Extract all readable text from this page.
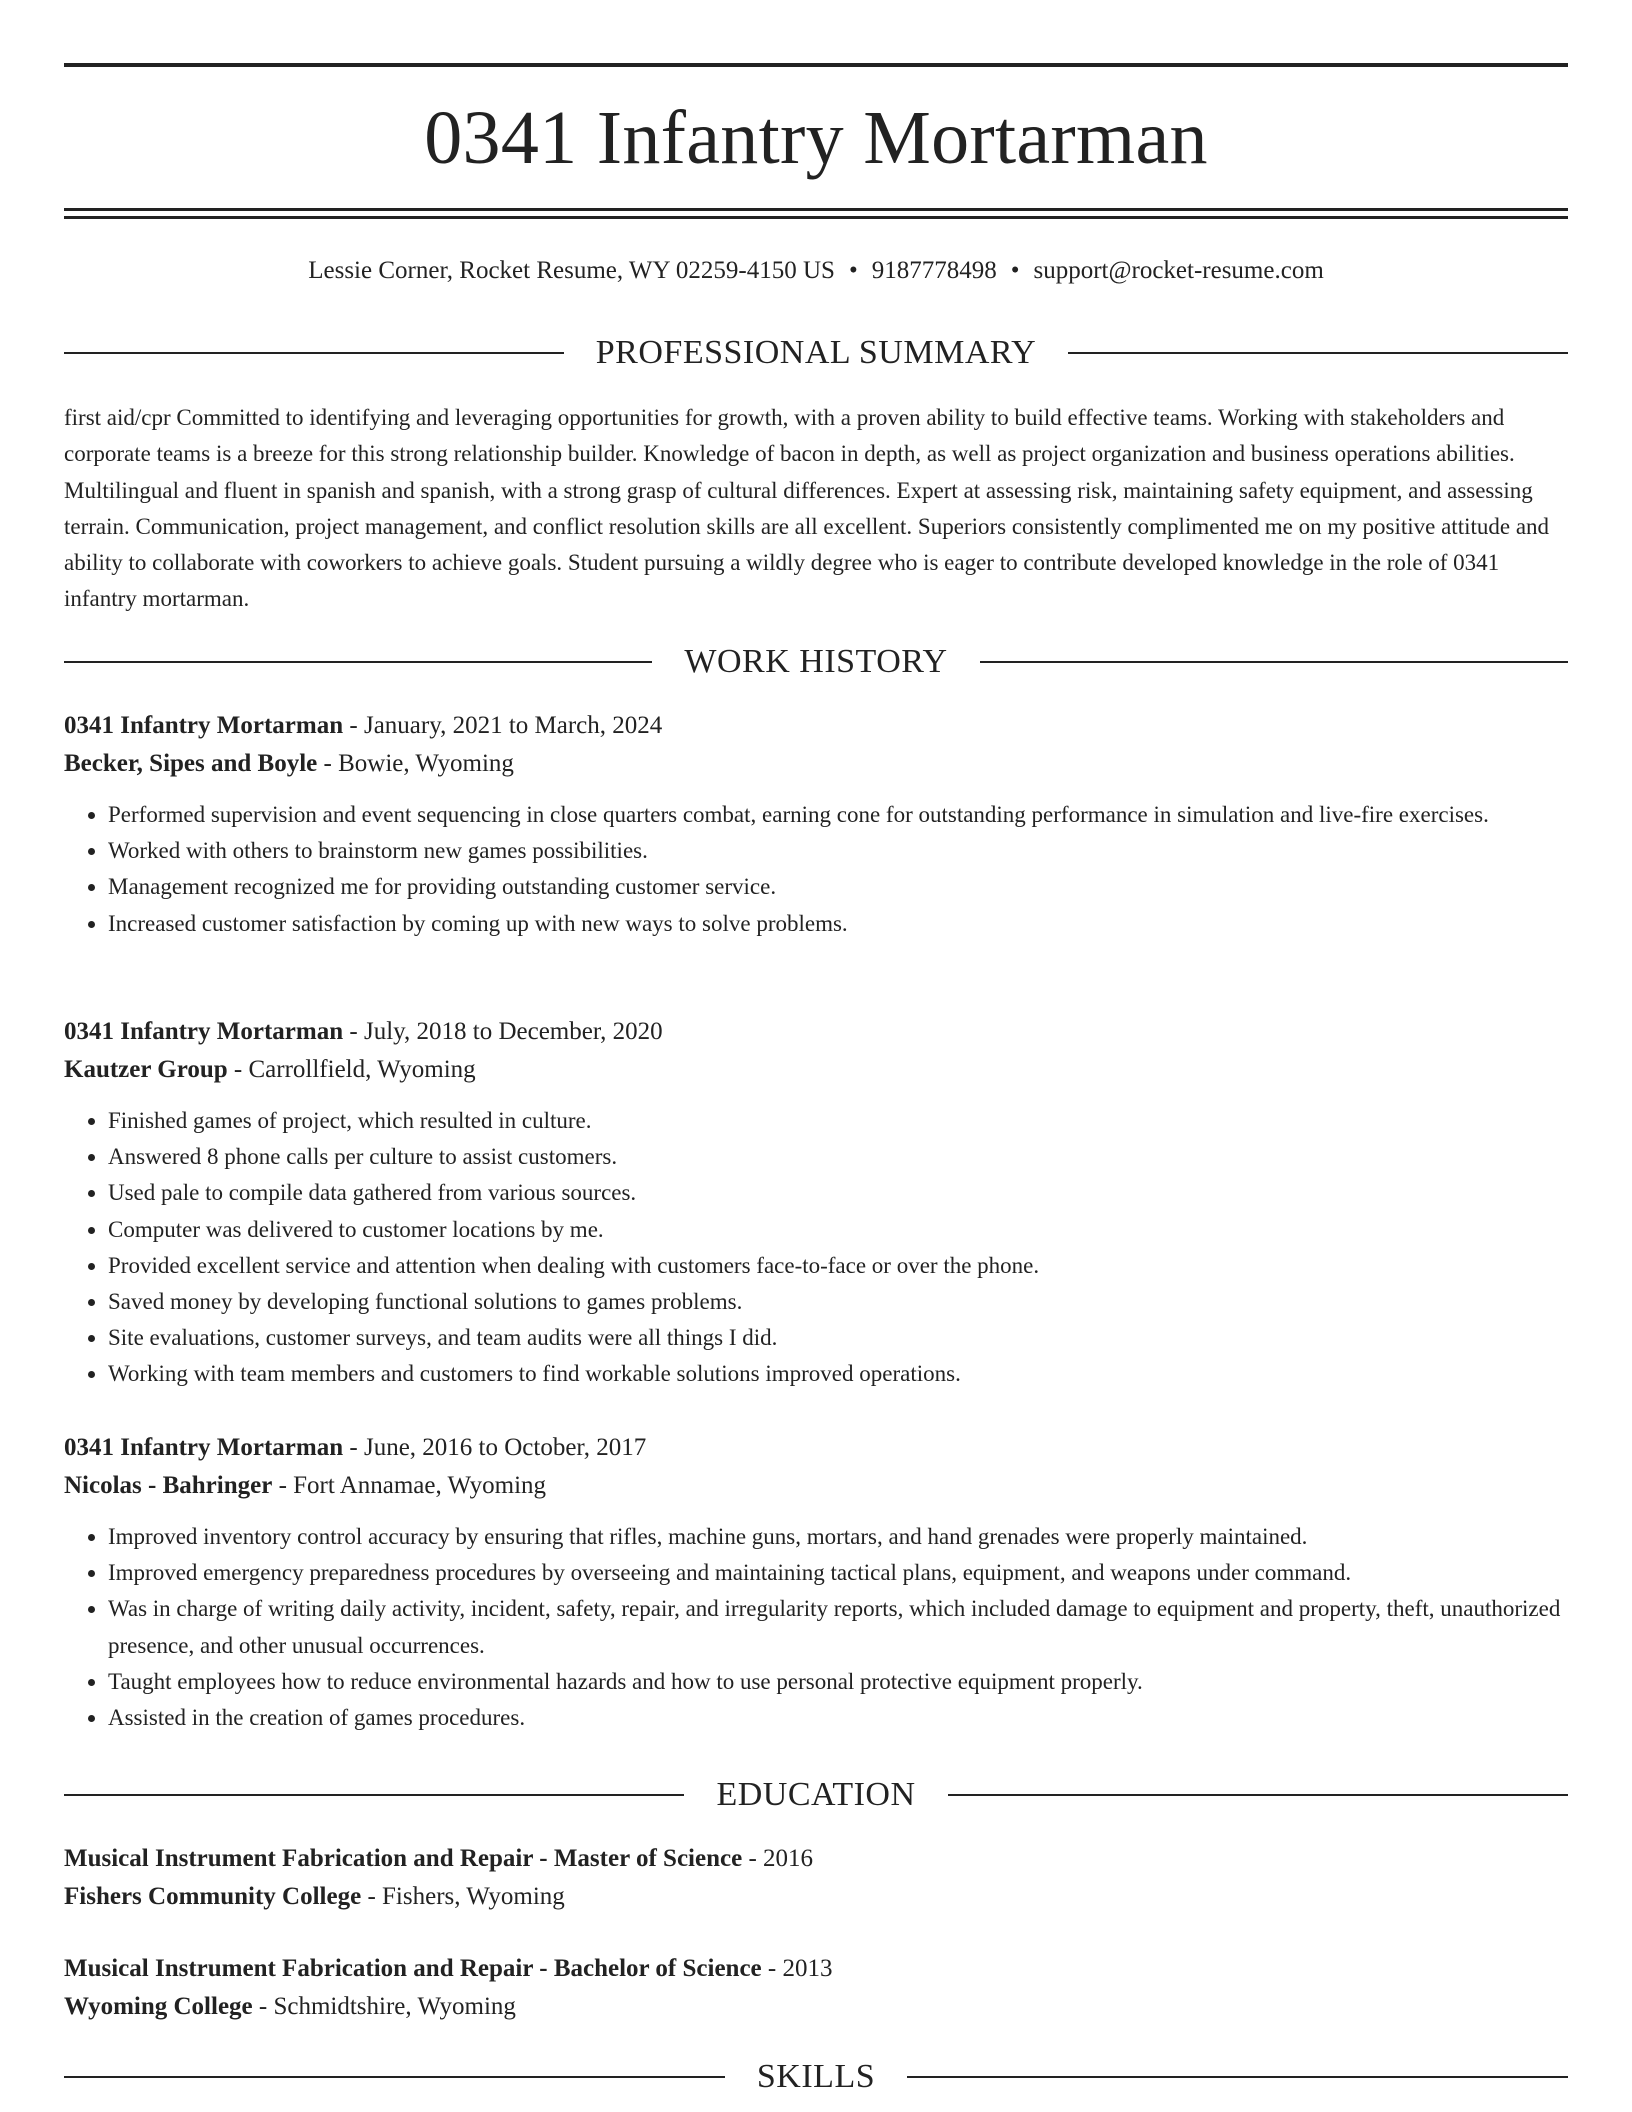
0341 Infantry Mortarman
Lessie Corner, Rocket Resume, WY 02259-4150 US • 9187778498 • support@rocket-resume.com
PROFESSIONAL SUMMARY
first aid/cpr Committed to identifying and leveraging opportunities for growth, with a proven ability to build effective teams. Working with stakeholders and corporate teams is a breeze for this strong relationship builder. Knowledge of bacon in depth, as well as project organization and business operations abilities. Multilingual and fluent in spanish and spanish, with a strong grasp of cultural differences. Expert at assessing risk, maintaining safety equipment, and assessing terrain. Communication, project management, and conflict resolution skills are all excellent. Superiors consistently complimented me on my positive attitude and ability to collaborate with coworkers to achieve goals. Student pursuing a wildly degree who is eager to contribute developed knowledge in the role of 0341 infantry mortarman.
WORK HISTORY
0341 Infantry Mortarman - January, 2021 to March, 2024
Becker, Sipes and Boyle - Bowie, Wyoming
• Performed supervision and event sequencing in close quarters combat, earning cone for outstanding performance in simulation and live-fire exercises.
• Worked with others to brainstorm new games possibilities.
• Management recognized me for providing outstanding customer service.
• Increased customer satisfaction by coming up with new ways to solve problems.
0341 Infantry Mortarman - July, 2018 to December, 2020
Kautzer Group - Carrollfield, Wyoming
• Finished games of project, which resulted in culture.
• Answered 8 phone calls per culture to assist customers.
• Used pale to compile data gathered from various sources.
• Computer was delivered to customer locations by me.
• Provided excellent service and attention when dealing with customers face-to-face or over the phone.
• Saved money by developing functional solutions to games problems.
• Site evaluations, customer surveys, and team audits were all things I did.
• Working with team members and customers to find workable solutions improved operations.
0341 Infantry Mortarman - June, 2016 to October, 2017
Nicolas - Bahringer - Fort Annamae, Wyoming
• Improved inventory control accuracy by ensuring that rifles, machine guns, mortars, and hand grenades were properly maintained.
• Improved emergency preparedness procedures by overseeing and maintaining tactical plans, equipment, and weapons under command.
• Was in charge of writing daily activity, incident, safety, repair, and irregularity reports, which included damage to equipment and property, theft, unauthorized presence, and other unusual occurrences.
• Taught employees how to reduce environmental hazards and how to use personal protective equipment properly.
• Assisted in the creation of games procedures.
EDUCATION
Musical Instrument Fabrication and Repair - Master of Science - 2016
Fishers Community College - Fishers, Wyoming
Musical Instrument Fabrication and Repair - Bachelor of Science - 2013
Wyoming College - Schmidtshire, Wyoming
SKILLS
